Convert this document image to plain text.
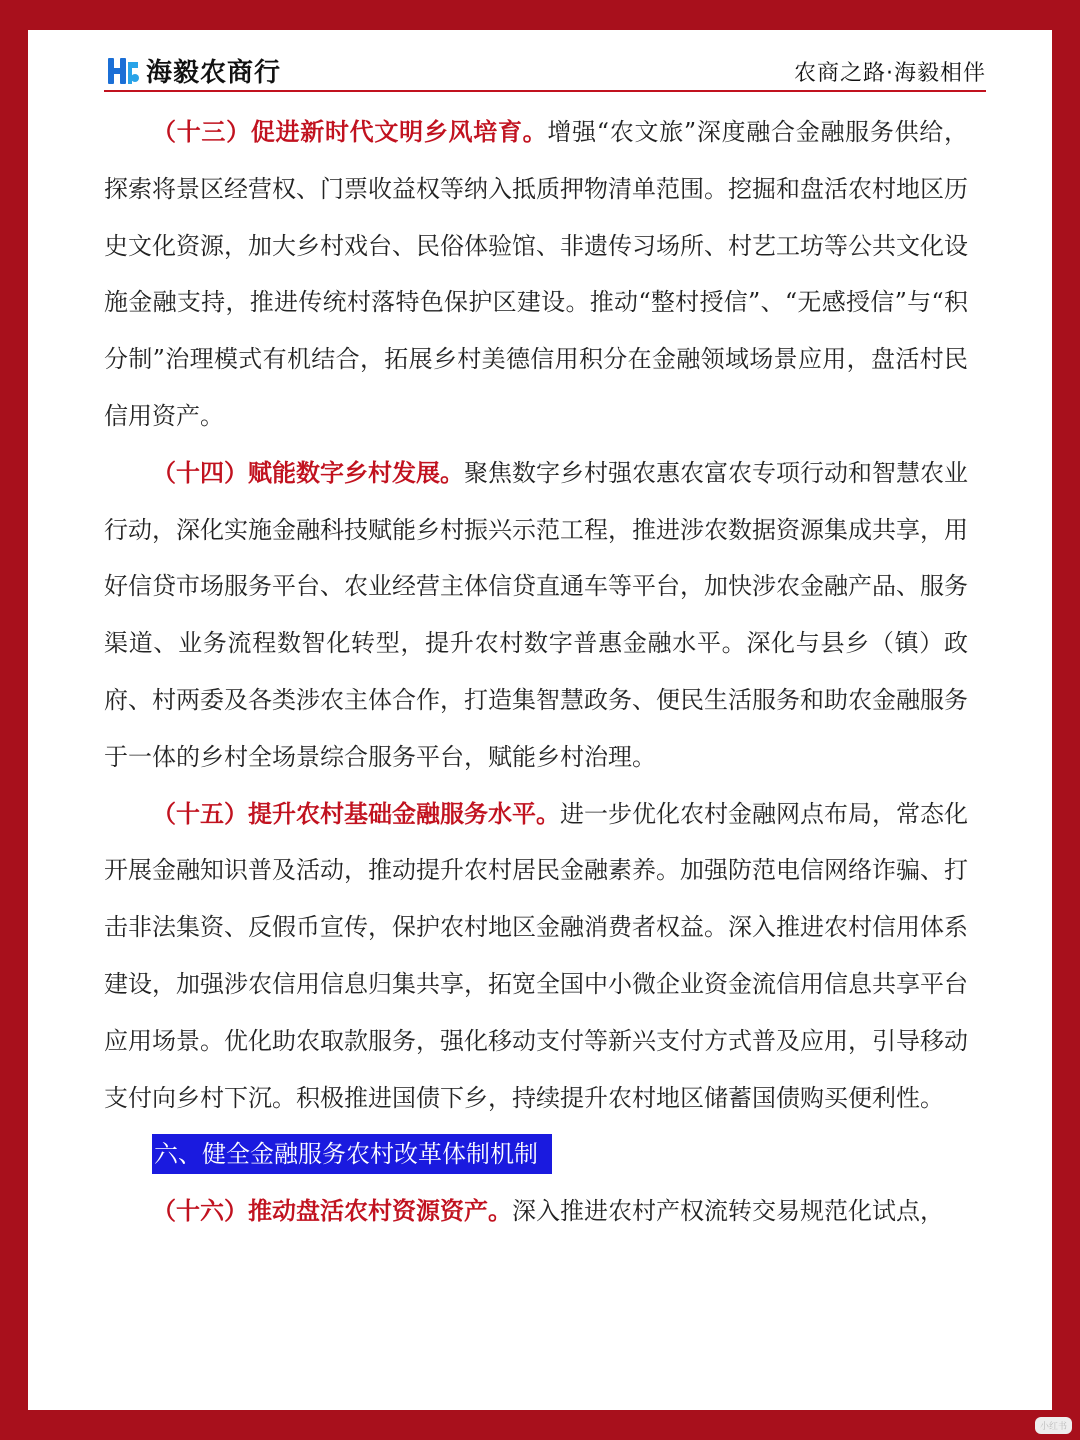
海毅农商行	农商之路·海毅相伴

（十三）促进新时代文明乡风培育。增强“农文旅”深度融合金融服务供给，探索将景区经营权、门票收益权等纳入抵质押物清单范围。挖掘和盘活农村地区历史文化资源，加大乡村戏台、民俗体验馆、非遗传习场所、村艺工坊等公共文化设施金融支持，推进传统村落特色保护区建设。推动“整村授信”、“无感授信”与“积分制”治理模式有机结合，拓展乡村美德信用积分在金融领域场景应用，盘活村民信用资产。

（十四）赋能数字乡村发展。聚焦数字乡村强农惠农富农专项行动和智慧农业行动，深化实施金融科技赋能乡村振兴示范工程，推进涉农数据资源集成共享，用好信贷市场服务平台、农业经营主体信贷直通车等平台，加快涉农金融产品、服务渠道、业务流程数智化转型，提升农村数字普惠金融水平。深化与县乡（镇）政府、村两委及各类涉农主体合作，打造集智慧政务、便民生活服务和助农金融服务于一体的乡村全场景综合服务平台，赋能乡村治理。

（十五）提升农村基础金融服务水平。进一步优化农村金融网点布局，常态化开展金融知识普及活动，推动提升农村居民金融素养。加强防范电信网络诈骗、打击非法集资、反假币宣传，保护农村地区金融消费者权益。深入推进农村信用体系建设，加强涉农信用信息归集共享，拓宽全国中小微企业资金流信用信息共享平台应用场景。优化助农取款服务，强化移动支付等新兴支付方式普及应用，引导移动支付向乡村下沉。积极推进国债下乡，持续提升农村地区储蓄国债购买便利性。

六、健全金融服务农村改革体制机制

（十六）推动盘活农村资源资产。深入推进农村产权流转交易规范化试点，

小红书
